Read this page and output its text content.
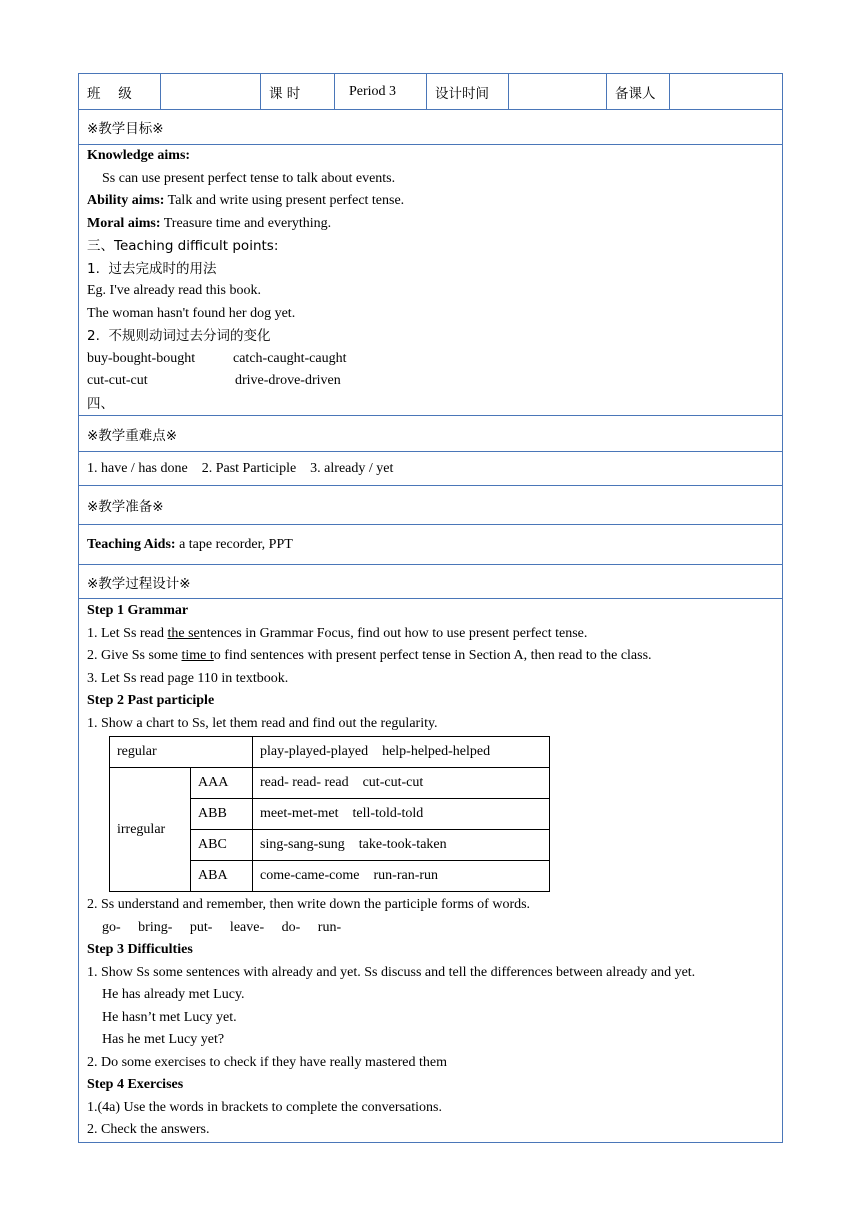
班　 级		课 时	Period 3	设计时间		备课人	
※教学目标※

Knowledge aims:
Ss can use present perfect tense to talk about events.
Ability aims: Talk and write using present perfect tense.
Moral aims: Treasure time and everything.
三、Teaching difficult points:
1.  过去完成时的用法
Eg. I've already read this book.
The woman hasn't found her dog yet.
2.  不规则动词过去分词的变化
buy-bought-bought	catch-caught-caught
cut-cut-cut	drive-drove-driven
四、

※教学重难点※
1. have / has done    2. Past Participle    3. already / yet
※教学准备※
Teaching Aids: a tape recorder, PPT
※教学过程设计※

Step 1 Grammar
1. Let Ss read the sentences in Grammar Focus, find out how to use present perfect tense.
2. Give Ss some time to find sentences with present perfect tense in Section A, then read to the class.
3. Let Ss read page 110 in textbook.
Step 2 Past participle
1. Show a chart to Ss, let them read and find out the regularity.
regular	play-played-played    help-helped-helped
irregular	AAA	read- read- read    cut-cut-cut
ABB	meet-met-met    tell-told-told
ABC	sing-sang-sung    take-took-taken
ABA	come-came-come    run-ran-run
2. Ss understand and remember, then write down the participle forms of words.
go-     bring-     put-     leave-     do-     run-
Step 3 Difficulties
1. Show Ss some sentences with already and yet. Ss discuss and tell the differences between already and yet.
He has already met Lucy.
He hasn’t met Lucy yet.
Has he met Lucy yet?
2. Do some exercises to check if they have really mastered them
Step 4 Exercises
1.(4a) Use the words in brackets to complete the conversations.
2. Check the answers.
